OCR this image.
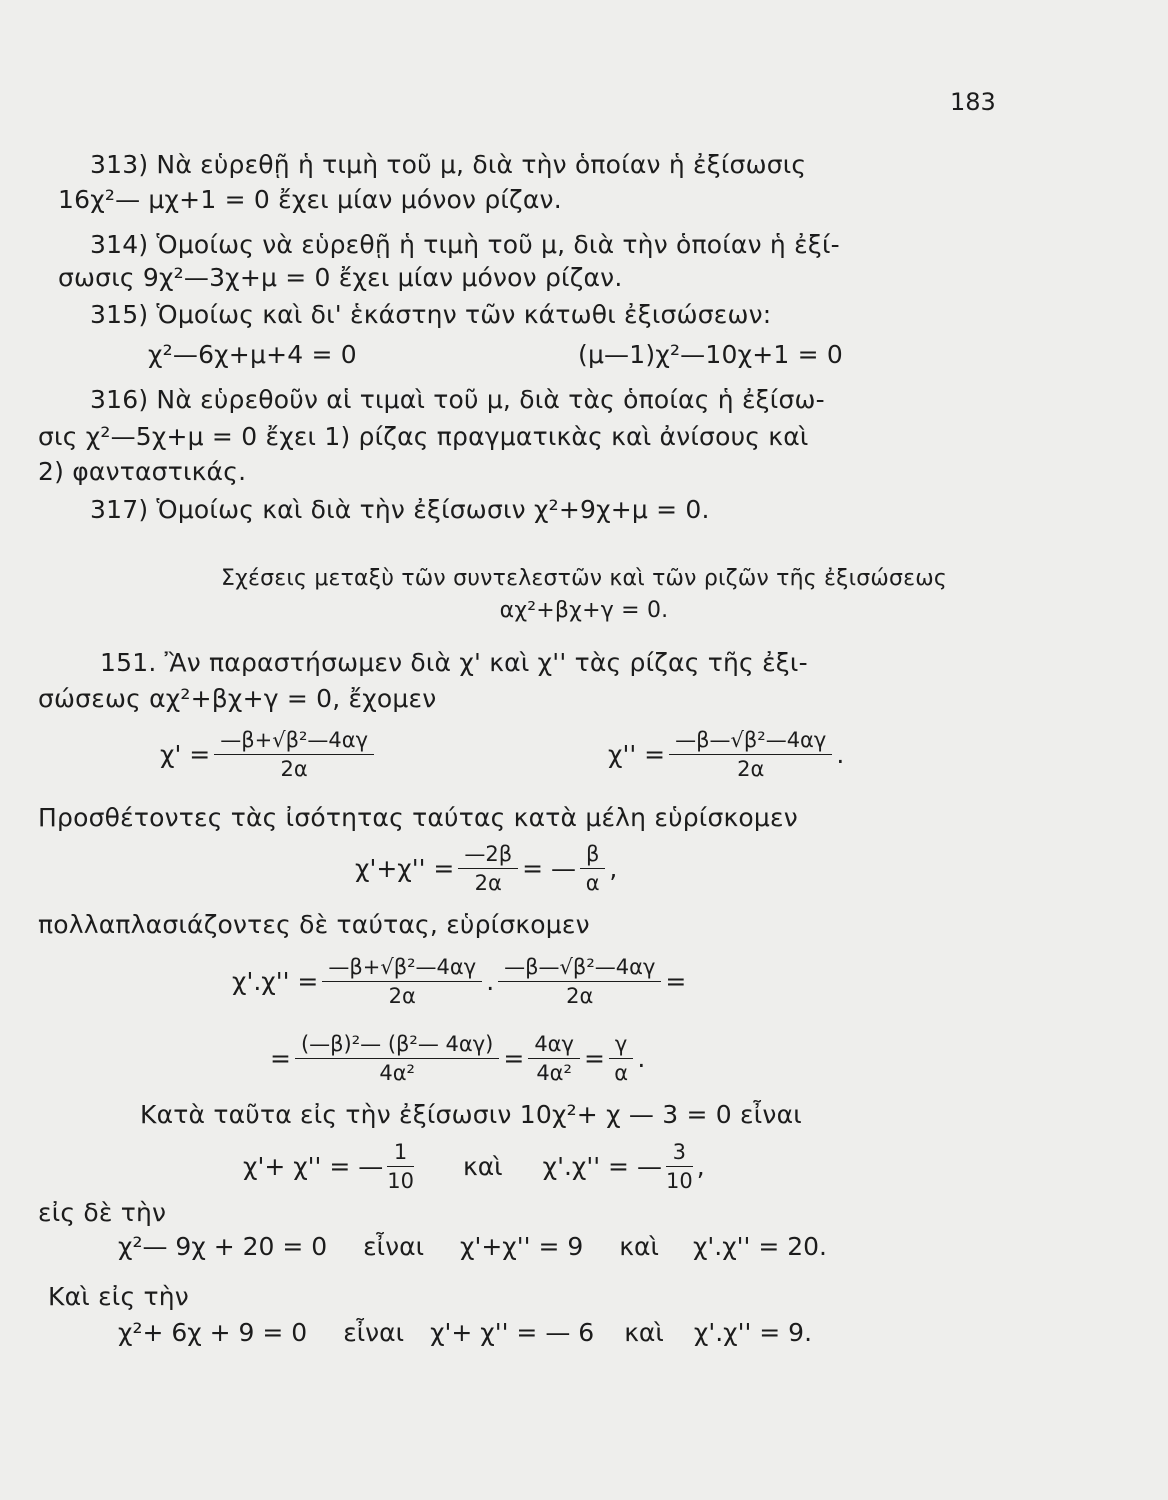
183
313) Νὰ εὑρεθῇ ἡ τιμὴ τοῦ μ, διὰ τὴν ὁποίαν ἡ ἐξίσωσις
16χ²— μχ+1 = 0 ἔχει μίαν μόνον ρίζαν.
314) Ὁμοίως νὰ εὑρεθῇ ἡ τιμὴ τοῦ μ, διὰ τὴν ὁποίαν ἡ ἐξί-
σωσις 9χ²—3χ+μ = 0 ἔχει μίαν μόνον ρίζαν.
315) Ὁμοίως καὶ δι' ἑκάστην τῶν κάτωθι ἐξισώσεων:
χ²—6χ+μ+4 = 0	(μ—1)χ²—10χ+1 = 0
316) Νὰ εὑρεθοῦν αἱ τιμαὶ τοῦ μ, διὰ τὰς ὁποίας ἡ ἐξίσω-
σις χ²—5χ+μ = 0 ἔχει 1) ρίζας πραγματικὰς καὶ ἀνίσους καὶ
2) φανταστικάς.
317) Ὁμοίως καὶ διὰ τὴν ἐξίσωσιν χ²+9χ+μ = 0.
Σχέσεις μεταξὺ τῶν συντελεστῶν καὶ τῶν ριζῶν τῆς ἐξισώσεως
αχ²+βχ+γ = 0.
151. Ἂν παραστήσωμεν διὰ χ' καὶ χ'' τὰς ρίζας τῆς ἐξι-
σώσεως αχ²+βχ+γ = 0, ἔχομεν
$\chi' = \frac{\text{—β+√β²—4αγ}}{2\alpha}$	$\chi'' = \frac{\text{—β—√β²—4αγ}}{2\alpha}$ .
Προσθέτοντες τὰς ἰσότητας ταύτας κατὰ μέλη εὑρίσκομεν
$\chi'+\chi'' = \frac{—2\beta}{2\alpha}$ = — $\frac{\beta}{\alpha}$ ,
πολλαπλασιάζοντες δὲ ταύτας, εὑρίσκομεν
$\chi'.\chi'' = \frac{\text{—β+√β²—4αγ}}{2\alpha}$ . $\frac{\text{—β—√β²—4αγ}}{2\alpha}$ =
= $\frac{\text{(—β)²— (β²— 4αγ)}}{\text{4α²}} = \frac{4\alpha\gamma}{\text{4α²}} = \frac{\gamma}{\alpha}$ .
Κατὰ ταῦτα εἰς τὴν ἐξίσωσιν 10χ²+ χ — 3 = 0 εἶναι
χ'+ χ'' = — $\frac{1}{10}$ καὶ χ'.χ'' = — $\frac{3}{10}$ ,
εἰς δὲ τὴν
χ²— 9χ + 20 = 0 εἶναι χ'+χ'' = 9 καὶ χ'.χ'' = 20.
Καὶ εἰς τὴν
χ²+ 6χ + 9 = 0 εἶναι χ'+ χ'' = — 6 καὶ χ'.χ'' = 9.
